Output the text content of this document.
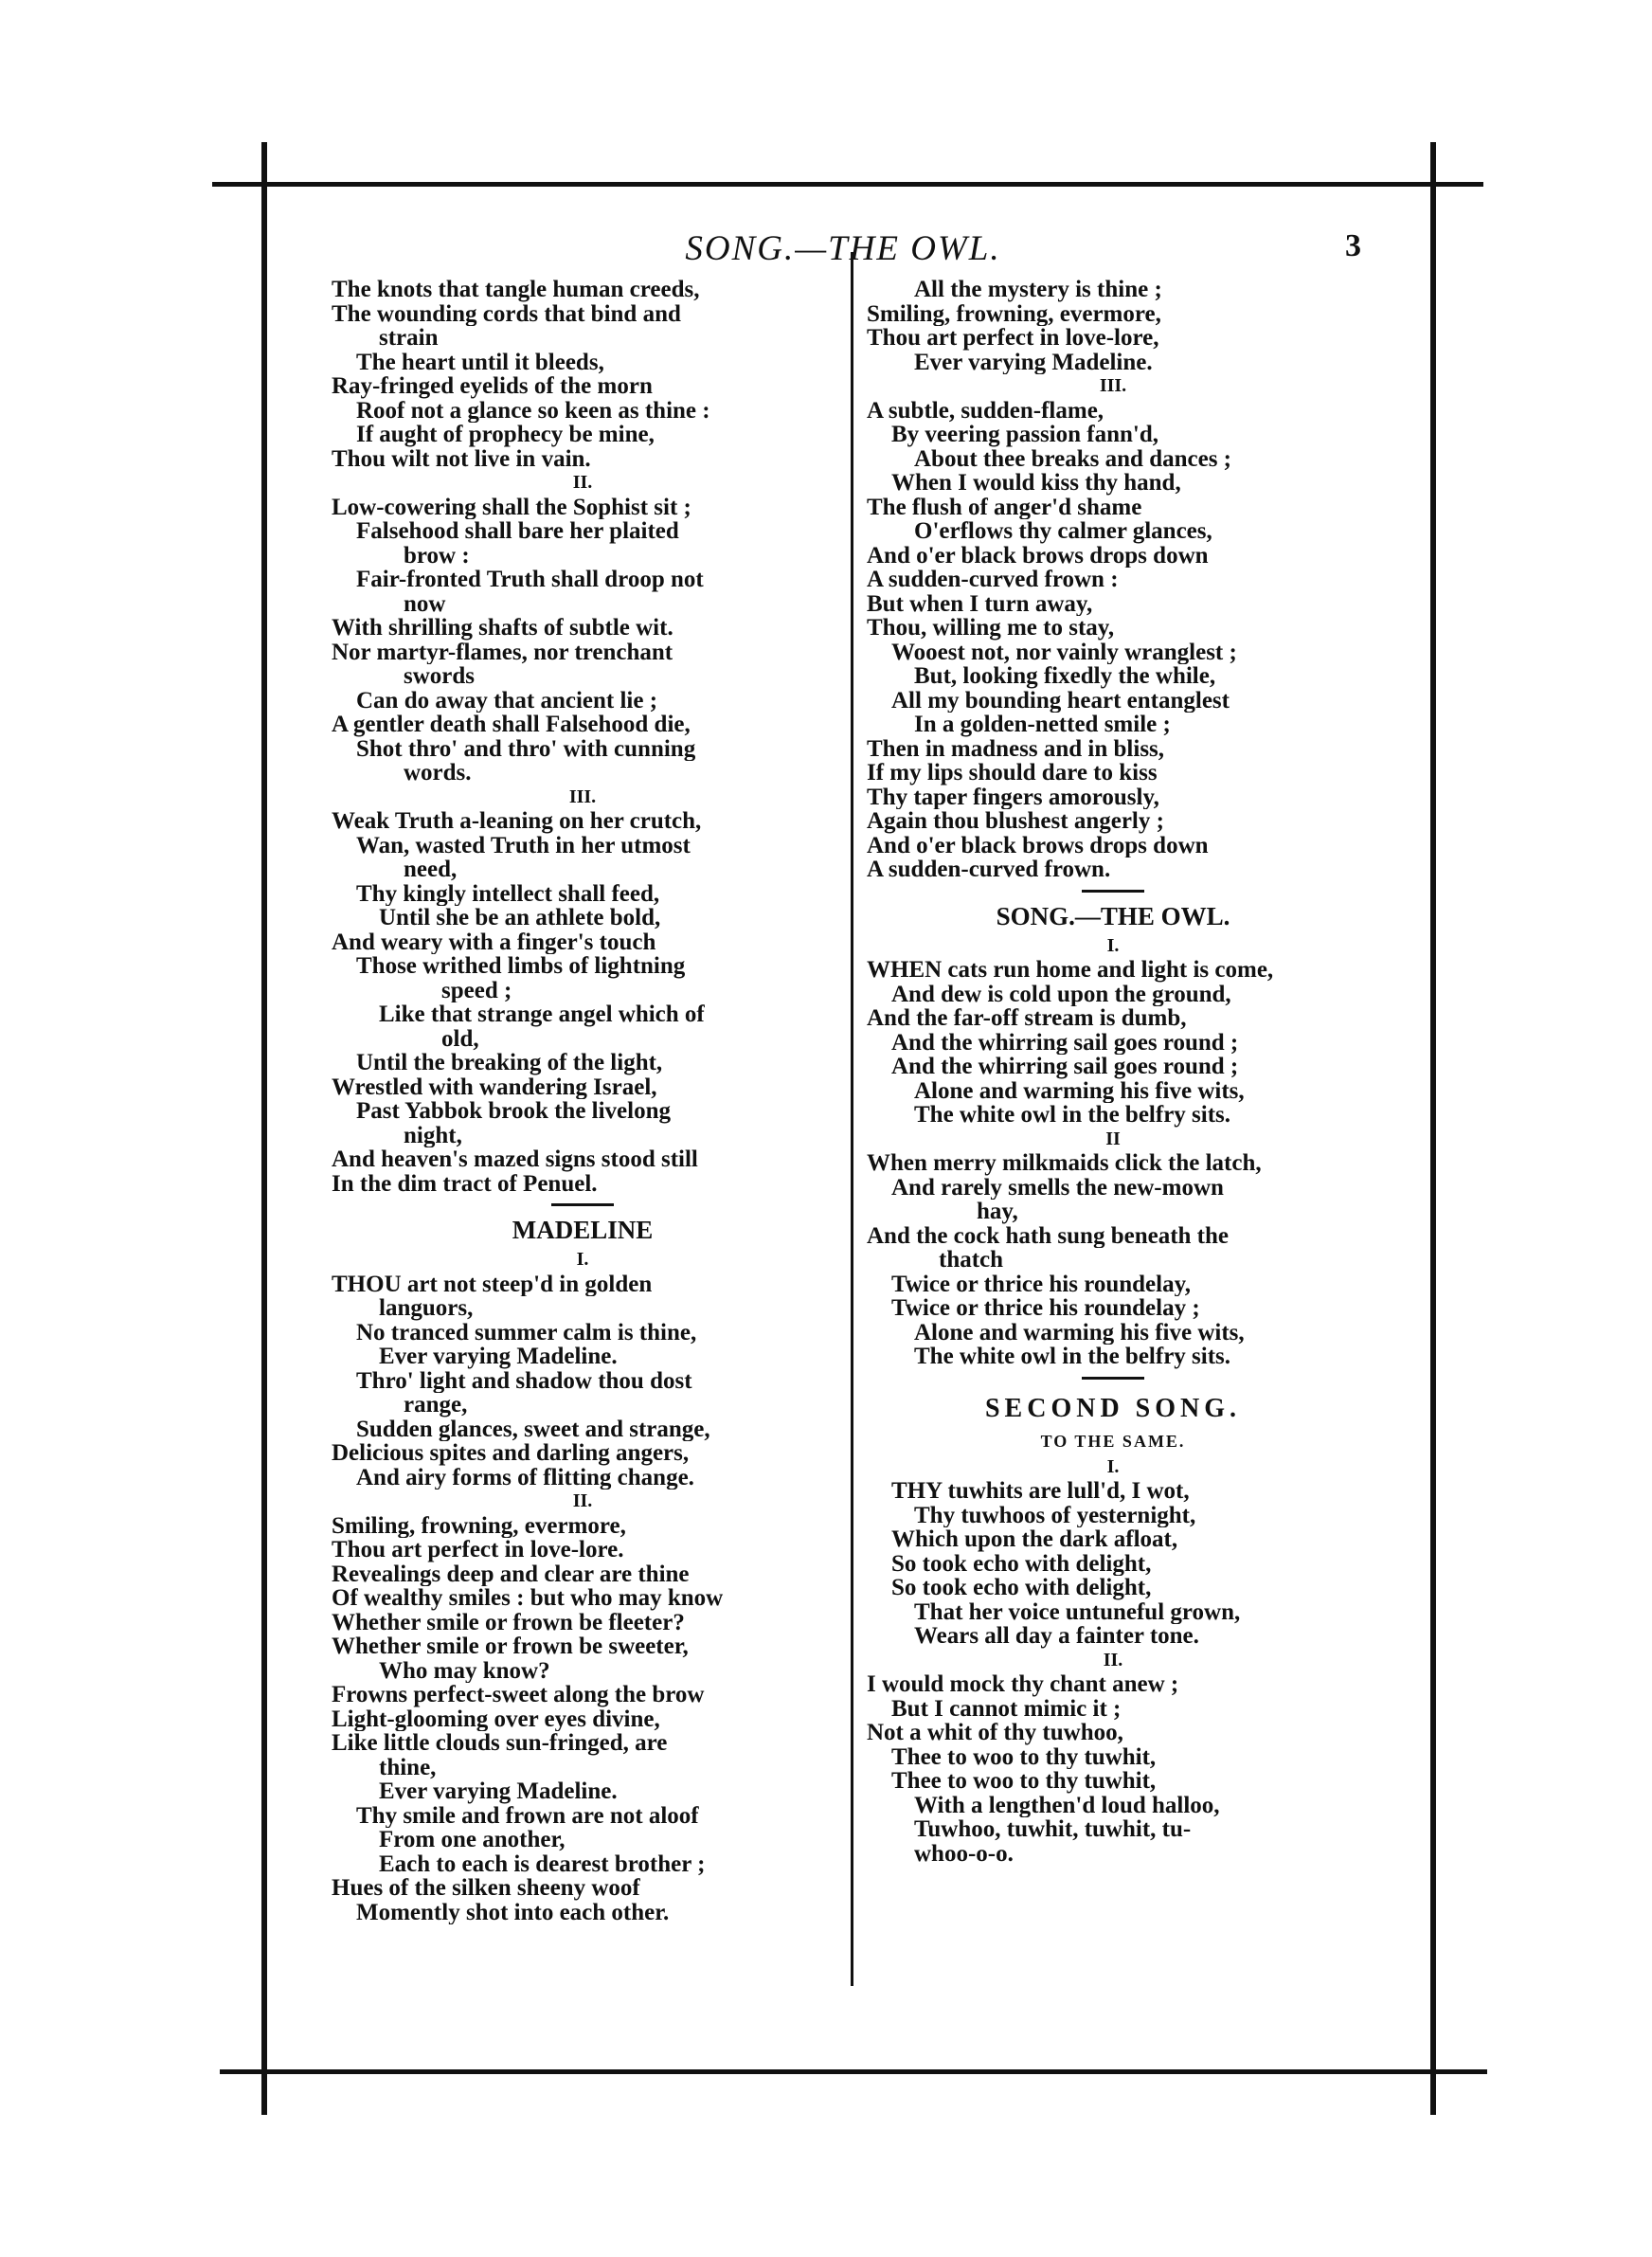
SONG.—THE OWL.	3
The knots that tangle human creeds,
The wounding cords that bind and
strain
The heart until it bleeds,
Ray-fringed eyelids of the morn
Roof not a glance so keen as thine :
If aught of prophecy be mine,
Thou wilt not live in vain.
II.
Low-cowering shall the Sophist sit ;
Falsehood shall bare her plaited
brow :
Fair-fronted Truth shall droop not
now
With shrilling shafts of subtle wit.
Nor martyr-flames, nor trenchant
swords
Can do away that ancient lie ;
A gentler death shall Falsehood die,
Shot thro' and thro' with cunning
words.
III.
Weak Truth a-leaning on her crutch,
Wan, wasted Truth in her utmost
need,
Thy kingly intellect shall feed,
Until she be an athlete bold,
And weary with a finger's touch
Those writhed limbs of lightning
speed ;
Like that strange angel which of
old,
Until the breaking of the light,
Wrestled with wandering Israel,
Past Yabbok brook the livelong
night,
And heaven's mazed signs stood still
In the dim tract of Penuel.
MADELINE
I.
THOU art not steep'd in golden
languors,
No tranced summer calm is thine,
Ever varying Madeline.
Thro' light and shadow thou dost
range,
Sudden glances, sweet and strange,
Delicious spites and darling angers,
And airy forms of flitting change.
II.
Smiling, frowning, evermore,
Thou art perfect in love-lore.
Revealings deep and clear are thine
Of wealthy smiles : but who may know
Whether smile or frown be fleeter?
Whether smile or frown be sweeter,
Who may know?
Frowns perfect-sweet along the brow
Light-glooming over eyes divine,
Like little clouds sun-fringed, are
thine,
Ever varying Madeline.
Thy smile and frown are not aloof
From one another,
Each to each is dearest brother ;
Hues of the silken sheeny woof
Momently shot into each other.
All the mystery is thine ;
Smiling, frowning, evermore,
Thou art perfect in love-lore,
Ever varying Madeline.
III.
A subtle, sudden-flame,
By veering passion fann'd,
About thee breaks and dances ;
When I would kiss thy hand,
The flush of anger'd shame
O'erflows thy calmer glances,
And o'er black brows drops down
A sudden-curved frown :
But when I turn away,
Thou, willing me to stay,
Wooest not, nor vainly wranglest ;
But, looking fixedly the while,
All my bounding heart entanglest
In a golden-netted smile ;
Then in madness and in bliss,
If my lips should dare to kiss
Thy taper fingers amorously,
Again thou blushest angerly ;
And o'er black brows drops down
A sudden-curved frown.
SONG.—THE OWL.
I.
WHEN cats run home and light is come,
And dew is cold upon the ground,
And the far-off stream is dumb,
And the whirring sail goes round ;
And the whirring sail goes round ;
Alone and warming his five wits,
The white owl in the belfry sits.
II
When merry milkmaids click the latch,
And rarely smells the new-mown
hay,
And the cock hath sung beneath the
thatch
Twice or thrice his roundelay,
Twice or thrice his roundelay ;
Alone and warming his five wits,
The white owl in the belfry sits.
SECOND SONG.
TO THE SAME.
I.
THY tuwhits are lull'd, I wot,
Thy tuwhoos of yesternight,
Which upon the dark afloat,
So took echo with delight,
So took echo with delight,
That her voice untuneful grown,
Wears all day a fainter tone.
II.
I would mock thy chant anew ;
But I cannot mimic it ;
Not a whit of thy tuwhoo,
Thee to woo to thy tuwhit,
Thee to woo to thy tuwhit,
With a lengthen'd loud halloo,
Tuwhoo, tuwhit, tuwhit, tu-
whoo-o-o.
